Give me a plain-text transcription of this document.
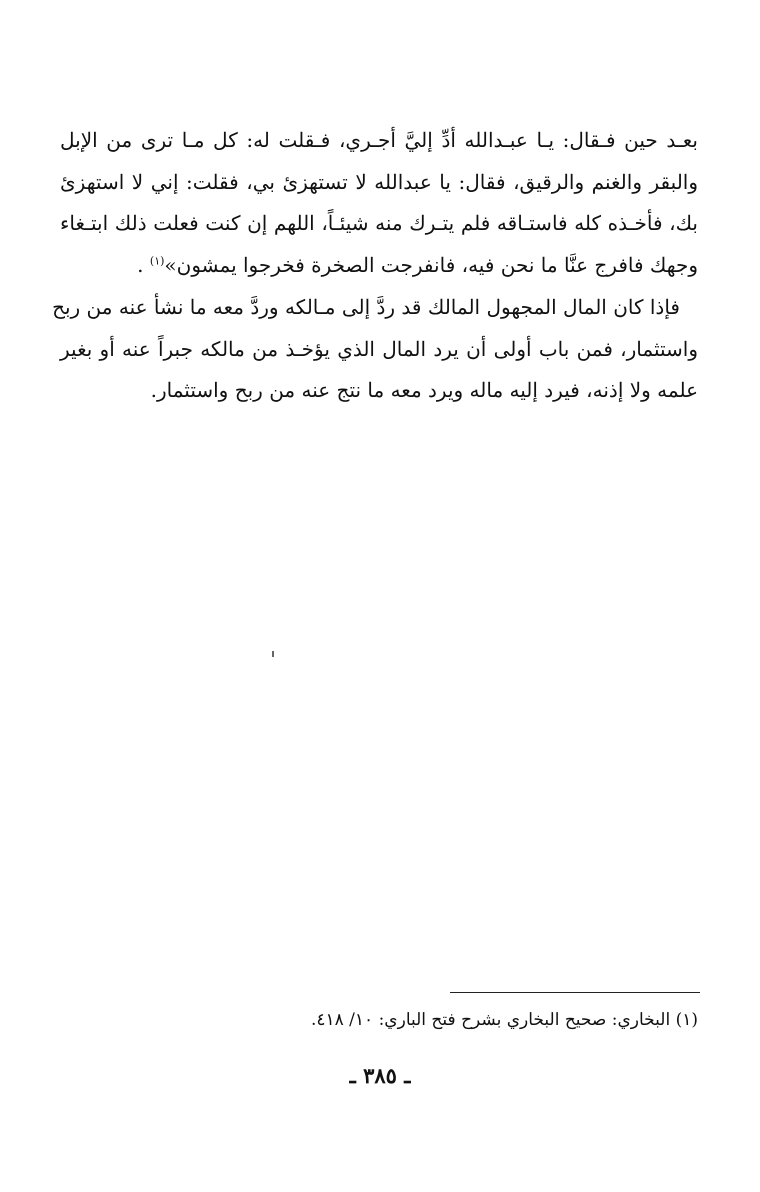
بعـد حين فـقال: يـا عبـدالله أدِّ إليَّ أجـري، فـقلت له: كل مـا ترى من الإبل
والبقر والغنم والرقيق، فقال: يا عبدالله لا تستهزئ بي، فقلت: إني لا استهزئ
بك، فأخـذه كله فاستـاقه فلم يتـرك منه شيئـاً، اللهم إن كنت فعلت ذلك ابتـغاء
وجهك فافرج عنَّا ما نحن فيه، فانفرجت الصخرة فخرجوا يمشون»$^{(١)}$ .

فإذا كان المال المجهول المالك قد ردَّ إلى مـالكه وردَّ معه ما نشأ عنه من ربح
واستثمار، فمن باب أولى أن يرد المال الذي يؤخـذ من مالكه جبراً عنه أو بغير
علمه ولا إذنه، فيرد إليه ماله ويرد معه ما نتج عنه من ربح واستثمار.

(١) البخاري: صحيح البخاري بشرح فتح الباري: ١٠/ ٤١٨.

ـ ٣٨٥ ـ
